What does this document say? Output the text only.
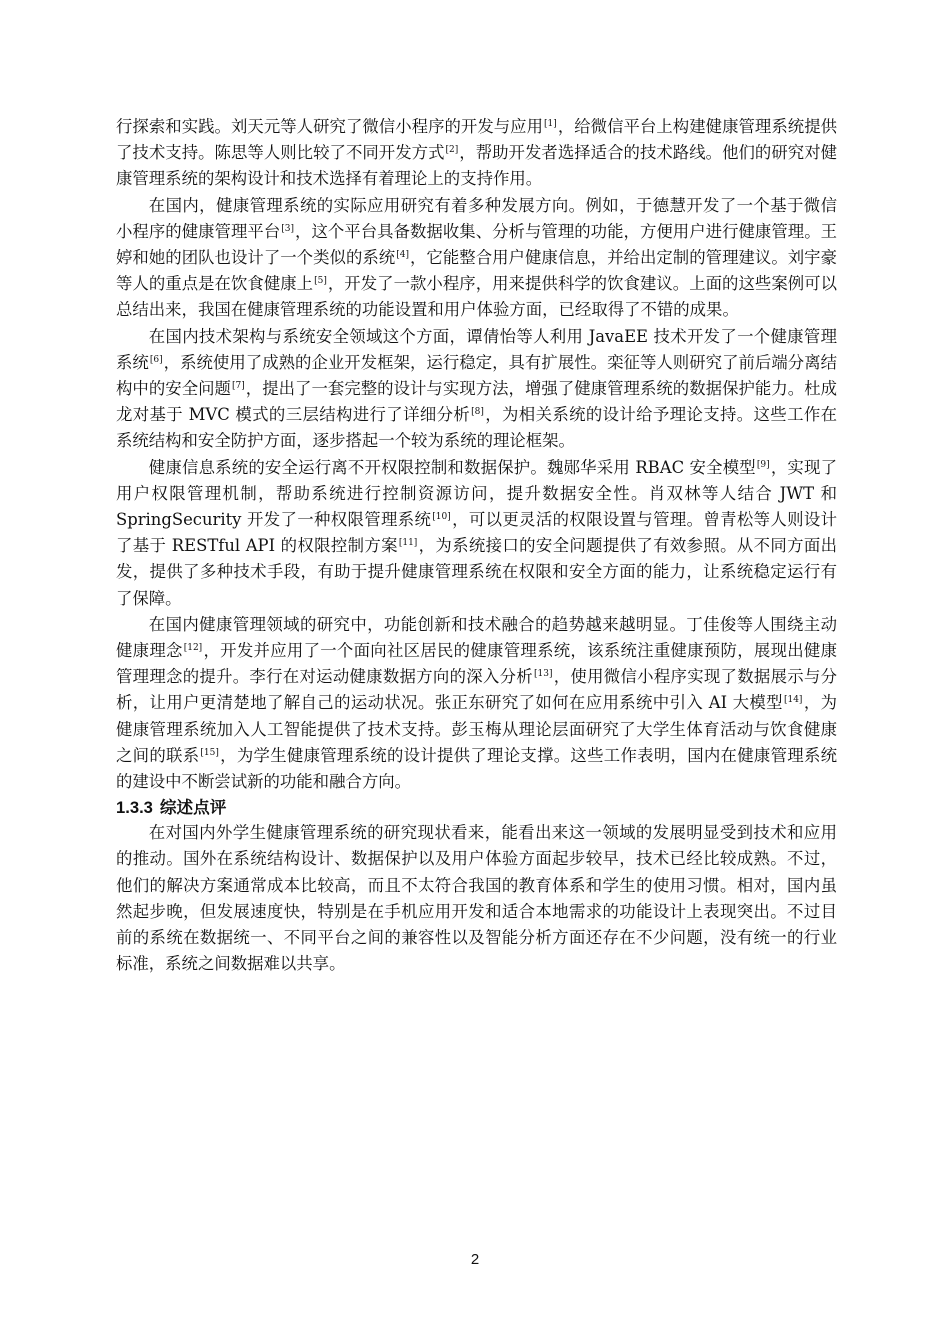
行探索和实践。刘天元等人研究了微信小程序的开发与应用[1]，给微信平台上构建健康管理系统提供了技术支持。陈思等人则比较了不同开发方式[2]，帮助开发者选择适合的技术路线。他们的研究对健康管理系统的架构设计和技术选择有着理论上的支持作用。

在国内，健康管理系统的实际应用研究有着多种发展方向。例如，于德慧开发了一个基于微信小程序的健康管理平台[3]，这个平台具备数据收集、分析与管理的功能，方便用户进行健康管理。王婷和她的团队也设计了一个类似的系统[4]，它能整合用户健康信息，并给出定制的管理建议。刘宇豪等人的重点是在饮食健康上[5]，开发了一款小程序，用来提供科学的饮食建议。上面的这些案例可以总结出来，我国在健康管理系统的功能设置和用户体验方面，已经取得了不错的成果。

在国内技术架构与系统安全领域这个方面，谭倩怡等人利用 JavaEE 技术开发了一个健康管理系统[6]，系统使用了成熟的企业开发框架，运行稳定，具有扩展性。栾征等人则研究了前后端分离结构中的安全问题[7]，提出了一套完整的设计与实现方法，增强了健康管理系统的数据保护能力。杜成龙对基于 MVC 模式的三层结构进行了详细分析[8]，为相关系统的设计给予理论支持。这些工作在系统结构和安全防护方面，逐步搭起一个较为系统的理论框架。

健康信息系统的安全运行离不开权限控制和数据保护。魏郧华采用 RBAC 安全模型[9]，实现了用户权限管理机制，帮助系统进行控制资源访问，提升数据安全性。肖双林等人结合 JWT 和 SpringSecurity 开发了一种权限管理系统[10]，可以更灵活的权限设置与管理。曾青松等人则设计了基于 RESTful API 的权限控制方案[11]，为系统接口的安全问题提供了有效参照。从不同方面出发，提供了多种技术手段，有助于提升健康管理系统在权限和安全方面的能力，让系统稳定运行有了保障。

在国内健康管理领域的研究中，功能创新和技术融合的趋势越来越明显。丁佳俊等人围绕主动健康理念[12]，开发并应用了一个面向社区居民的健康管理系统，该系统注重健康预防，展现出健康管理理念的提升。李行在对运动健康数据方向的深入分析[13]，使用微信小程序实现了数据展示与分析，让用户更清楚地了解自己的运动状况。张正东研究了如何在应用系统中引入 AI 大模型[14]，为健康管理系统加入人工智能提供了技术支持。彭玉梅从理论层面研究了大学生体育活动与饮食健康之间的联系[15]，为学生健康管理系统的设计提供了理论支撑。这些工作表明，国内在健康管理系统的建设中不断尝试新的功能和融合方向。

1.3.3 综述点评

在对国内外学生健康管理系统的研究现状看来，能看出来这一领域的发展明显受到技术和应用的推动。国外在系统结构设计、数据保护以及用户体验方面起步较早，技术已经比较成熟。不过，他们的解决方案通常成本比较高，而且不太符合我国的教育体系和学生的使用习惯。相对，国内虽然起步晚，但发展速度快，特别是在手机应用开发和适合本地需求的功能设计上表现突出。不过目前的系统在数据统一、不同平台之间的兼容性以及智能分析方面还存在不少问题，没有统一的行业标准，系统之间数据难以共享。

2
